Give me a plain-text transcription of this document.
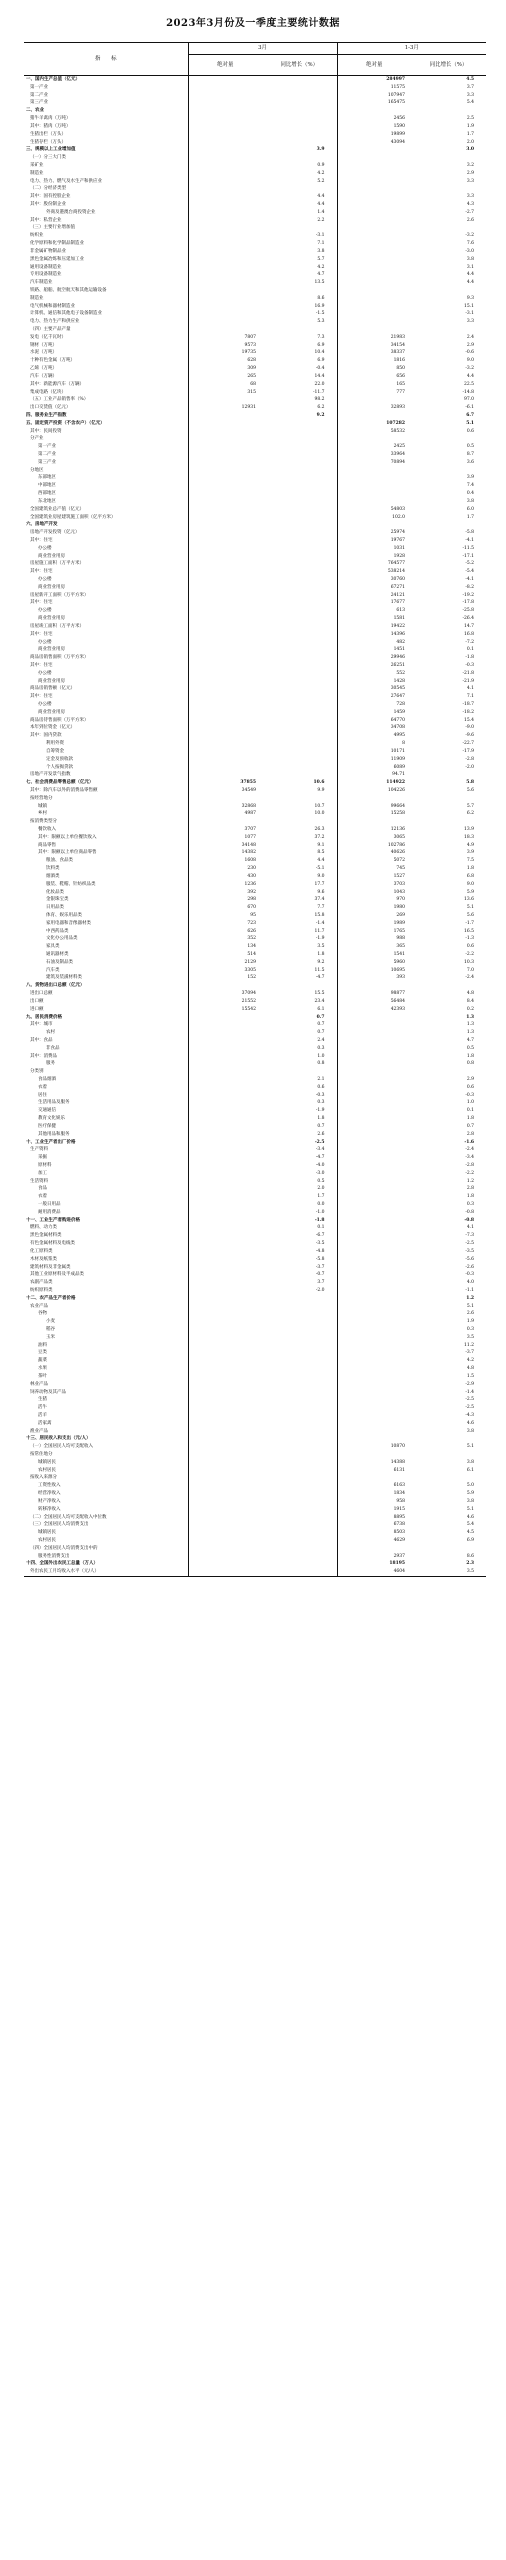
2023年3月份及一季度主要统计数据
指　　标	3月		1-3月	
	绝对量	同比增长（%）	绝对量	同比增长（%）
一、国内生产总值（亿元）			284997	4.5
第一产业			11575	3.7
第二产业			107947	3.3
第三产业			165475	5.4
二、农业				
猪牛羊禽肉（万吨）			2456	2.5
其中：猪肉（万吨）			1590	1.9
生猪出栏（万头）			19899	1.7
生猪存栏（万头）			43094	2.0
三、规模以上工业增加值		3.9		3.0
（一）分三大门类				
采矿业		0.9		3.2
制造业		4.2		2.9
电力、热力、燃气及水生产和供应业		5.2		3.3
（二）分经济类型				
其中：国有控股企业		4.4		3.3
其中：股份制企业		4.4		4.3
外商及港澳台商投资企业		1.4		-2.7
其中：私营企业		2.2		2.6
（三）主要行业增加值				
纺织业		-3.1		-3.2
化学原料和化学制品制造业		7.1		7.6
非金属矿物制品业		3.8		-3.0
黑色金属冶炼和压延加工业		5.7		3.8
通用设备制造业		4.2		3.1
专用设备制造业		4.7		4.4
汽车制造业		13.5		4.4
铁路、船舶、航空航天和其他运输设备				
制造业		8.6		9.3
电气机械和器材制造业		16.9		15.1
计算机、通信和其他电子设备制造业		-1.5		-3.1
电力、热力生产和供应业		5.3		3.3
（四）主要产品产量				
发电（亿千瓦时）	7807	7.3	21983	2.4
钢材（万吨）	9573	6.9	34154	2.9
水泥（万吨）	19735	10.4	38337	-0.6
十种有色金属（万吨）	628	6.9	1816	9.0
乙烯（万吨）	309	-0.4	850	-3.2
汽车（万辆）	265	14.4	656	4.4
其中：新能源汽车（万辆）	68	22.0	165	22.5
集成电路（亿块）	315	-11.7	777	-14.8
（五）工业产品销售率（%）		98.2		97.0
出口交货值（亿元）	12931	6.2	32893	-6.1
四、服务业生产指数		9.2		6.7
五、固定资产投资（不含农户）（亿元）			107282	5.1
其中：民间投资			58532	0.6
分产业				
第一产业			2425	0.5
第二产业			33964	8.7
第三产业			70894	3.6
分地区				
东部地区				3.9
中部地区				7.4
西部地区				0.4
东北地区				3.8
全国建筑业总产值（亿元）			54803	6.0
全国建筑业房屋建筑施工面积（亿平方米）			102.0	1.7
六、房地产开发				
房地产开发投资（亿元）			25974	-5.8
其中：住宅			19767	-4.1
办公楼			1031	-11.5
商业营业用房			1928	-17.1
房屋施工面积（万平方米）			764577	-5.2
其中：住宅			538214	-5.4
办公楼			30760	-4.1
商业营业用房			67271	-8.2
房屋新开工面积（万平方米）			24121	-19.2
其中：住宅			17677	-17.8
办公楼			613	-25.8
商业营业用房			1581	-26.4
房屋竣工面积（万平方米）			19422	14.7
其中：住宅			14396	16.8
办公楼			482	-7.2
商业营业用房			1451	0.1
商品房销售面积（万平方米）			29946	-1.8
其中：住宅			26251	-0.3
办公楼			552	-21.8
商业营业用房			1428	-21.9
商品房销售额（亿元）			30545	4.1
其中：住宅			27647	7.1
办公楼			728	-18.7
商业营业用房			1459	-18.2
商品房待售面积（万平方米）			64770	15.4
本年到位资金（亿元）			34708	-9.0
其中：国内贷款			4995	-9.6
利用外资			8	-22.7
自筹资金			10171	-17.9
定金及预收款			11909	-2.8
个人按揭贷款			6089	-2.0
房地产开发景气指数			94.71	
七、社会消费品零售总额（亿元）	37855	10.6	114922	5.8
其中：除汽车以外的消费品零售额	34549	9.9	104226	5.6
按经营地分				
城镇	32868	10.7	99664	5.7
乡村	4987	10.0	15258	6.2
按消费类型分				
餐饮收入	3707	26.3	12136	13.9
其中：限额以上单位餐饮收入	1077	37.2	3065	18.3
商品零售	34148	9.1	102786	4.9
其中：限额以上单位商品零售	14382	8.5	40626	3.9
粮油、食品类	1608	4.4	5072	7.5
饮料类	230	-5.1	745	1.8
烟酒类	430	9.0	1527	6.8
服装、鞋帽、针纺织品类	1236	17.7	3703	9.0
化妆品类	392	9.6	1043	5.9
金银珠宝类	298	37.4	970	13.6
日用品类	670	7.7	1980	5.1
体育、娱乐用品类	95	15.8	269	5.6
家用电器和音像器材类	723	-1.4	1989	-1.7
中西药品类	626	11.7	1765	16.5
文化办公用品类	352	-1.9	988	-1.3
家具类	134	3.5	365	0.6
通讯器材类	514	1.8	1541	-2.2
石油及制品类	2129	9.2	5960	10.3
汽车类	3305	11.5	10695	7.0
建筑及装潢材料类	152	-4.7	393	-2.4
八、货物进出口总额（亿元）				
进出口总额	37094	15.5	98877	4.8
出口额	21552	23.4	56484	8.4
进口额	15542	6.1	42393	0.2
九、居民消费价格		0.7		1.3
其中：城市		0.7		1.3
农村		0.7		1.3
其中：食品		2.4		4.7
非食品		0.3		0.5
其中：消费品		1.0		1.8
服务		0.8		0.8
分类别				
食品烟酒		2.1		2.9
衣着		0.6		0.6
居住		-0.3		-0.3
生活用品及服务		0.3		1.0
交通通信		-1.9		0.1
教育文化娱乐		1.8		1.8
医疗保健		0.7		0.7
其他用品和服务		2.6		2.8
十、工业生产者出厂价格		-2.5		-1.6
生产资料		-3.4		-2.4
采掘		-4.7		-3.4
原材料		-4.0		-2.8
加工		-3.0		-2.2
生活资料		0.5		1.2
食品		2.0		2.8
衣着		1.7		1.8
一般日用品		0.0		0.3
耐用消费品		-1.0		-0.8
十一、工业生产者购进价格		-1.8		-0.8
燃料、动力类		0.1		4.1
黑色金属材料类		-6.7		-7.3
有色金属材料及电线类		-3.5		-2.5
化工原料类		-4.8		-3.5
木材及纸浆类		-5.8		-5.6
建筑材料及非金属类		-3.7		-2.6
其他工业原材料及半成品类		-0.7		-0.3
农副产品类		3.7		4.0
纺织原料类		-2.0		-1.1
十二、农产品生产者价格				1.2
农业产品				5.1
谷物				2.6
小麦				1.9
稻谷				0.3
玉米				3.5
油料				11.2
豆类				-3.7
蔬菜				4.2
水果				4.8
茶叶				1.5
林业产品				-2.9
饲养动物及其产品				-1.4
生猪				-2.5
活牛				-2.5
活羊				-4.3
活家禽				4.6
渔业产品				3.8
十三、居民收入和支出（元/人）				
（一）全国居民人均可支配收入			10870	5.1
按常住地分				
城镇居民			14388	3.8
农村居民			6131	6.1
按收入来源分				
工资性收入			6163	5.0
经营净收入			1834	5.9
财产净收入			958	3.8
转移净收入			1915	5.1
（二）全国居民人均可支配收入中位数			8895	4.6
（三）全国居民人均消费支出			6738	5.4
城镇居民			8503	4.5
农村居民			4629	6.9
（四）全国居民人均消费支出中的				
服务性消费支出			2937	8.6
十四、全国外出农民工总量（万人）			18195	2.3
外出农民工月均收入水平（元/人）			4604	3.5
